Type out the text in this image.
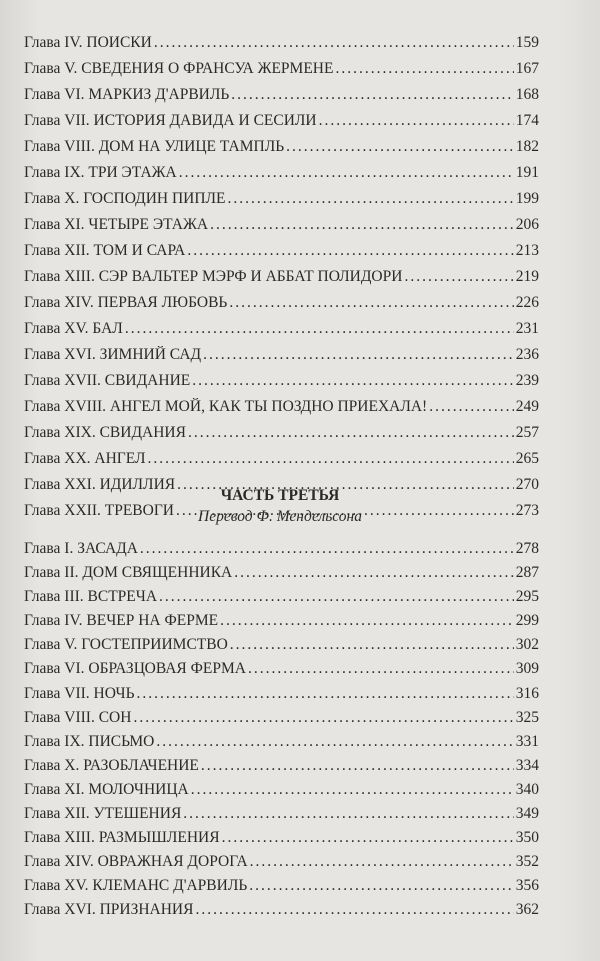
Глава IV. ПОИСКИ .....	159
Глава V. СВЕДЕНИЯ О ФРАНСУА ЖЕРМЕНЕ .....	167
Глава VI. МАРКИЗ Д'АРВИЛЬ .....	168
Глава VII. ИСТОРИЯ ДАВИДА И СЕСИЛИ .....	174
Глава VIII. ДОМ НА УЛИЦЕ ТАМПЛЬ .....	182
Глава IX. ТРИ ЭТАЖА .....	191
Глава X. ГОСПОДИН ПИПЛЕ .....	199
Глава XI. ЧЕТЫРЕ ЭТАЖА .....	206
Глава XII. ТОМ И САРА .....	213
Глава XIII. СЭР ВАЛЬТЕР МЭРФ И АББАТ ПОЛИДОРИ .....	219
Глава XIV. ПЕРВАЯ ЛЮБОВЬ .....	226
Глава XV. БАЛ .....	231
Глава XVI. ЗИМНИЙ САД .....	236
Глава XVII. СВИДАНИЕ .....	239
Глава XVIII. АНГЕЛ МОЙ, КАК ТЫ ПОЗДНО ПРИЕХАЛА! .....	249
Глава XIX. СВИДАНИЯ .....	257
Глава XX. АНГЕЛ .....	265
Глава XXI. ИДИЛЛИЯ .....	270
Глава XXII. ТРЕВОГИ .....	273
ЧАСТЬ ТРЕТЬЯ
Перевод Ф. Мендельсона
Глава I. ЗАСАДА .....	278
Глава II. ДОМ СВЯЩЕННИКА .....	287
Глава III. ВСТРЕЧА .....	295
Глава IV. ВЕЧЕР НА ФЕРМЕ .....	299
Глава V. ГОСТЕПРИИМСТВО .....	302
Глава VI. ОБРАЗЦОВАЯ ФЕРМА .....	309
Глава VII. НОЧЬ .....	316
Глава VIII. СОН .....	325
Глава IX. ПИСЬМО .....	331
Глава X. РАЗОБЛАЧЕНИЕ .....	334
Глава XI. МОЛОЧНИЦА .....	340
Глава XII. УТЕШЕНИЯ .....	349
Глава XIII. РАЗМЫШЛЕНИЯ .....	350
Глава XIV. ОВРАЖНАЯ ДОРОГА .....	352
Глава XV. КЛЕМАНС Д'АРВИЛЬ .....	356
Глава XVI. ПРИЗНАНИЯ .....	362
